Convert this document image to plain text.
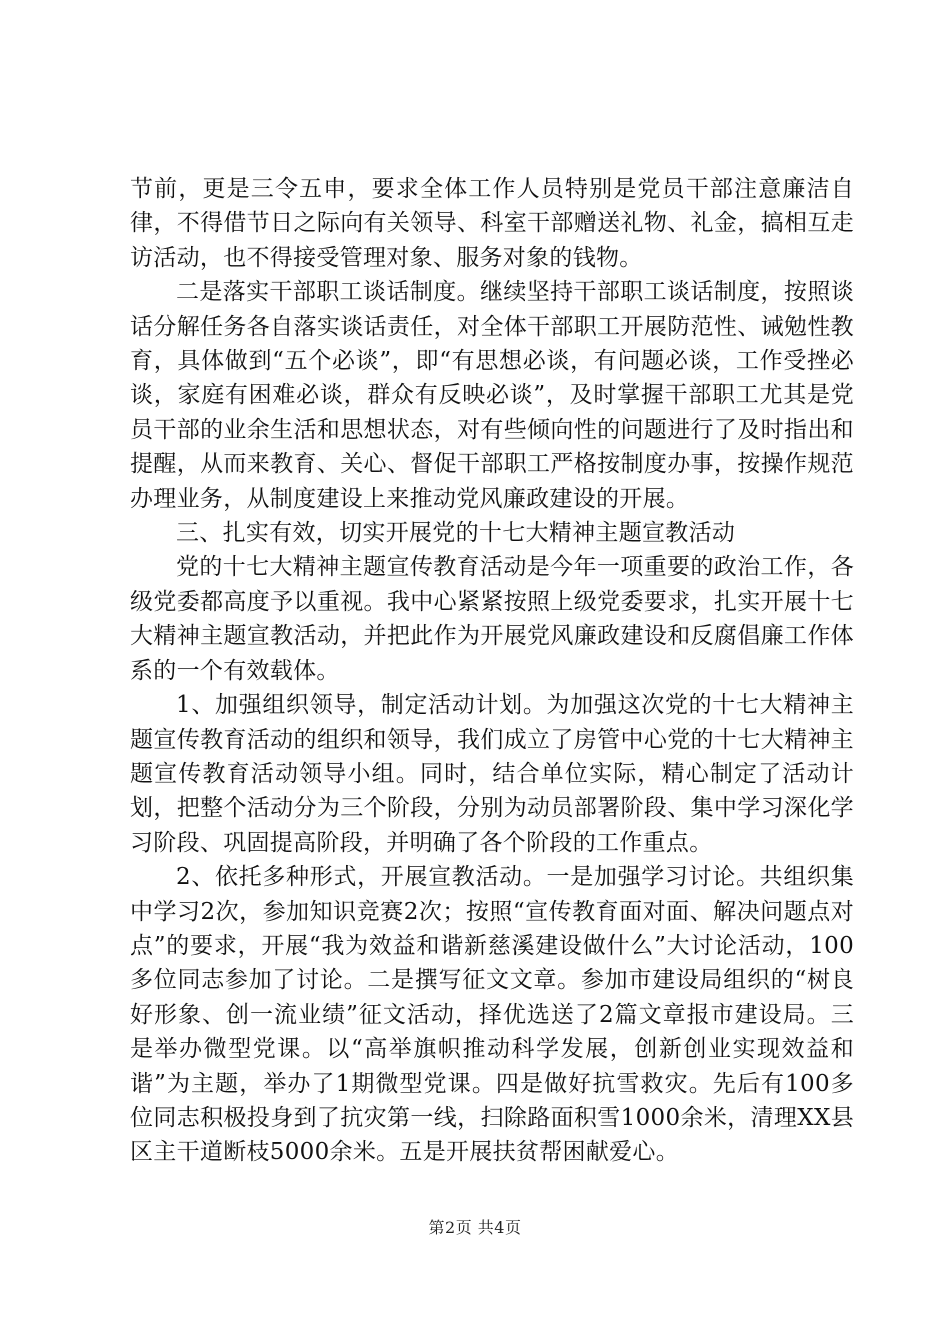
节前，更是三令五申，要求全体工作人员特别是党员干部注意廉洁自律，不得借节日之际向有关领导、科室干部赠送礼物、礼金，搞相互走访活动，也不得接受管理对象、服务对象的钱物。

二是落实干部职工谈话制度。继续坚持干部职工谈话制度，按照谈话分解任务各自落实谈话责任，对全体干部职工开展防范性、诫勉性教育，具体做到“五个必谈”，即“有思想必谈，有问题必谈，工作受挫必谈，家庭有困难必谈，群众有反映必谈”，及时掌握干部职工尤其是党员干部的业余生活和思想状态，对有些倾向性的问题进行了及时指出和提醒，从而来教育、关心、督促干部职工严格按制度办事，按操作规范办理业务，从制度建设上来推动党风廉政建设的开展。

三、扎实有效，切实开展党的十七大精神主题宣教活动

党的十七大精神主题宣传教育活动是今年一项重要的政治工作，各级党委都高度予以重视。我中心紧紧按照上级党委要求，扎实开展十七大精神主题宣教活动，并把此作为开展党风廉政建设和反腐倡廉工作体系的一个有效载体。

1、加强组织领导，制定活动计划。为加强这次党的十七大精神主题宣传教育活动的组织和领导，我们成立了房管中心党的十七大精神主题宣传教育活动领导小组。同时，结合单位实际，精心制定了活动计划，把整个活动分为三个阶段，分别为动员部署阶段、集中学习深化学习阶段、巩固提高阶段，并明确了各个阶段的工作重点。

2、依托多种形式，开展宣教活动。一是加强学习讨论。共组织集中学习2次，参加知识竞赛2次；按照“宣传教育面对面、解决问题点对点”的要求，开展“我为效益和谐新慈溪建设做什么”大讨论活动，100多位同志参加了讨论。二是撰写征文文章。参加市建设局组织的“树良好形象、创一流业绩”征文活动，择优选送了2篇文章报市建设局。三是举办微型党课。以“高举旗帜推动科学发展，创新创业实现效益和谐”为主题，举办了1期微型党课。四是做好抗雪救灾。先后有100多位同志积极投身到了抗灾第一线，扫除路面积雪1000余米，清理XX县区主干道断枝5000余米。五是开展扶贫帮困献爱心。

第2页 共4页
